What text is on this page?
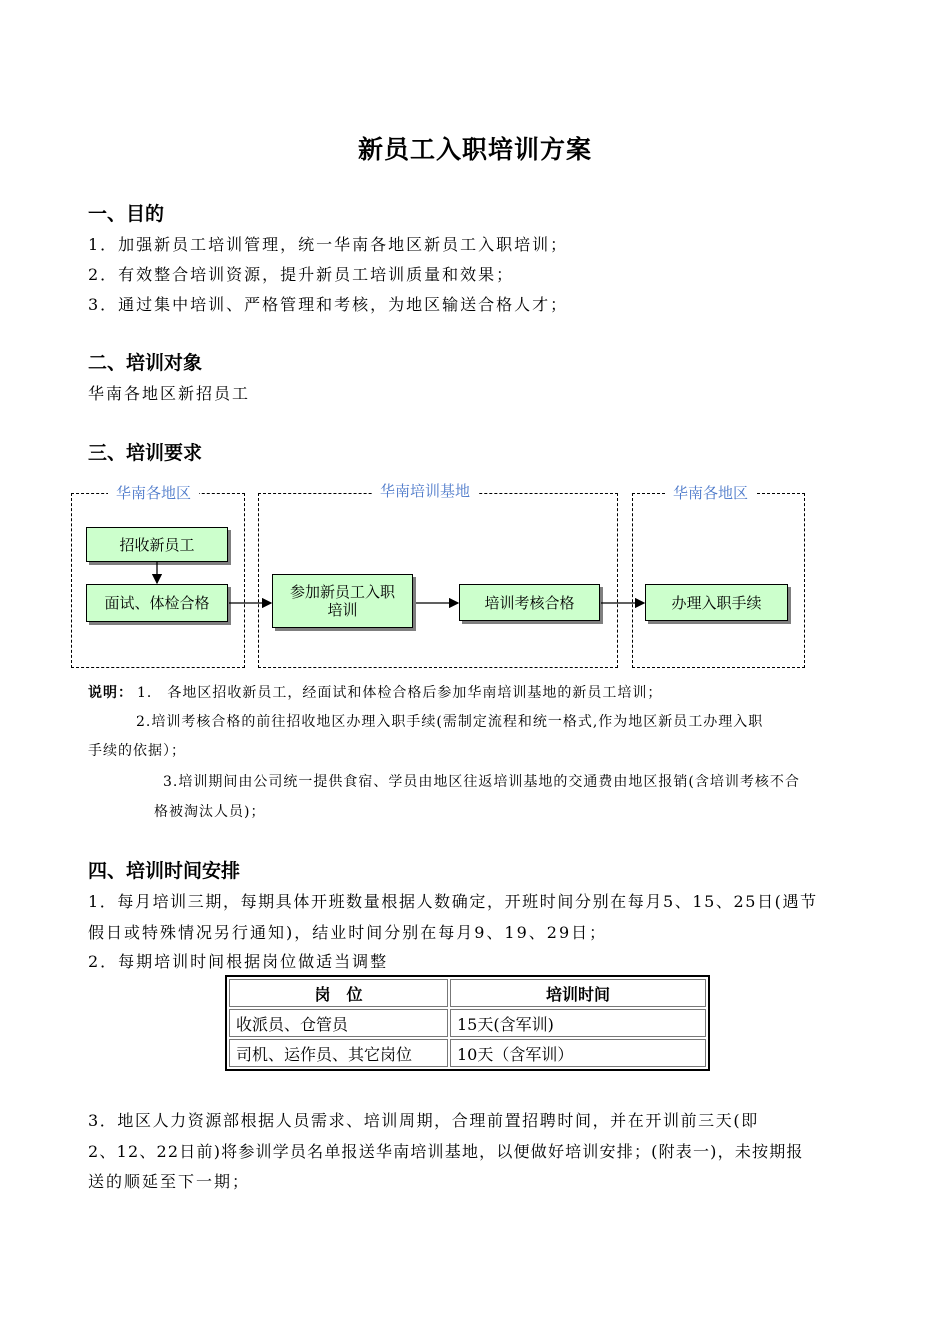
新员工入职培训方案
一、目的
1．加强新员工培训管理，统一华南各地区新员工入职培训；
2．有效整合培训资源，提升新员工培训质量和效果；
3．通过集中培训、严格管理和考核，为地区输送合格人才；
二、培训对象
华南各地区新招员工
三、培训要求
华南各地区	华南培训基地	华南各地区
招收新员工
面试、体检合格
参加新员工入职培训	培训考核合格	办理入职手续
说明： 1． 各地区招收新员工，经面试和体检合格后参加华南培训基地的新员工培训；
2.培训考核合格的前往招收地区办理入职手续(需制定流程和统一格式,作为地区新员工办理入职
手续的依据）；
3.培训期间由公司统一提供食宿、学员由地区往返培训基地的交通费由地区报销(含培训考核不合
格被淘汰人员)；
四、培训时间安排
1．每月培训三期，每期具体开班数量根据人数确定，开班时间分别在每月5、15、25日(遇节
假日或特殊情况另行通知)，结业时间分别在每月9、19、29日；
2．每期培训时间根据岗位做适当调整
岗　位	培训时间
收派员、仓管员	15天(含军训)
司机、运作员、其它岗位	10天（含军训）
3．地区人力资源部根据人员需求、培训周期，合理前置招聘时间，并在开训前三天(即
2、12、22日前)将参训学员名单报送华南培训基地，以便做好培训安排；(附表一)，未按期报
送的顺延至下一期；
